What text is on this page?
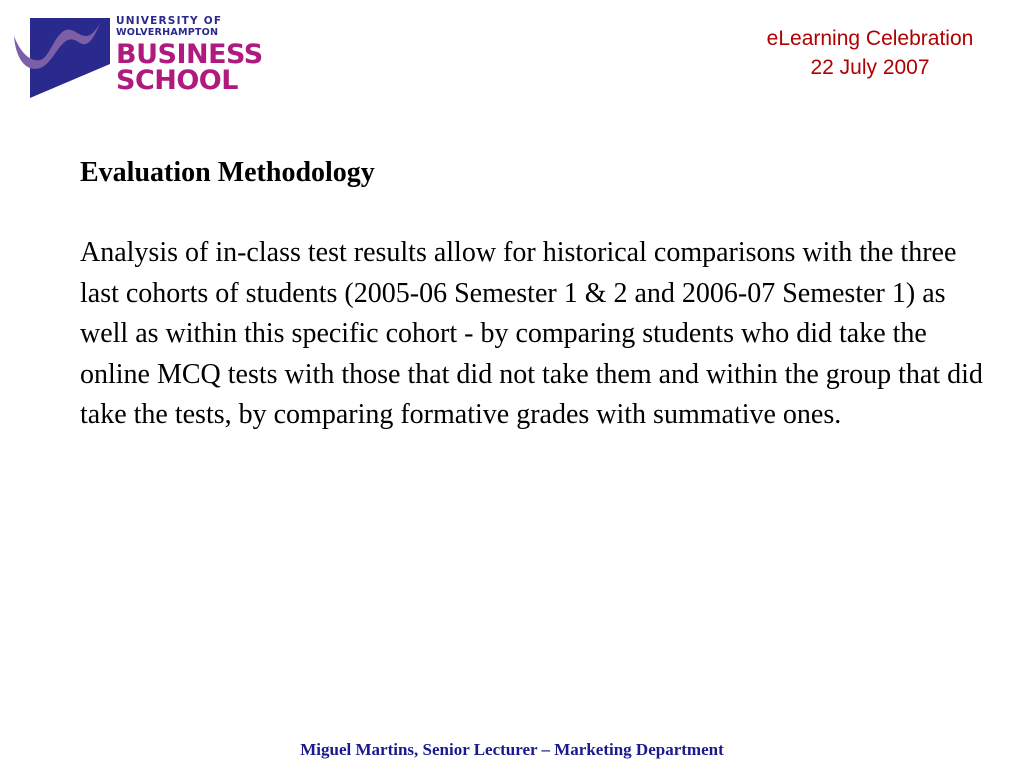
UNIVERSITY OF
WOLVERHAMPTON
BUSINESS
SCHOOL
eLearning Celebration
22 July 2007
Evaluation Methodology

Analysis of in-class test results allow for historical comparisons with the three last cohorts of students (2005-06 Semester 1 & 2 and 2006-07 Semester 1) as well as within this specific cohort - by comparing students who did take the online MCQ tests with those that did not take them and within the group that did take the tests, by comparing formative grades with summative ones.

Miguel Martins, Senior Lecturer – Marketing Department
